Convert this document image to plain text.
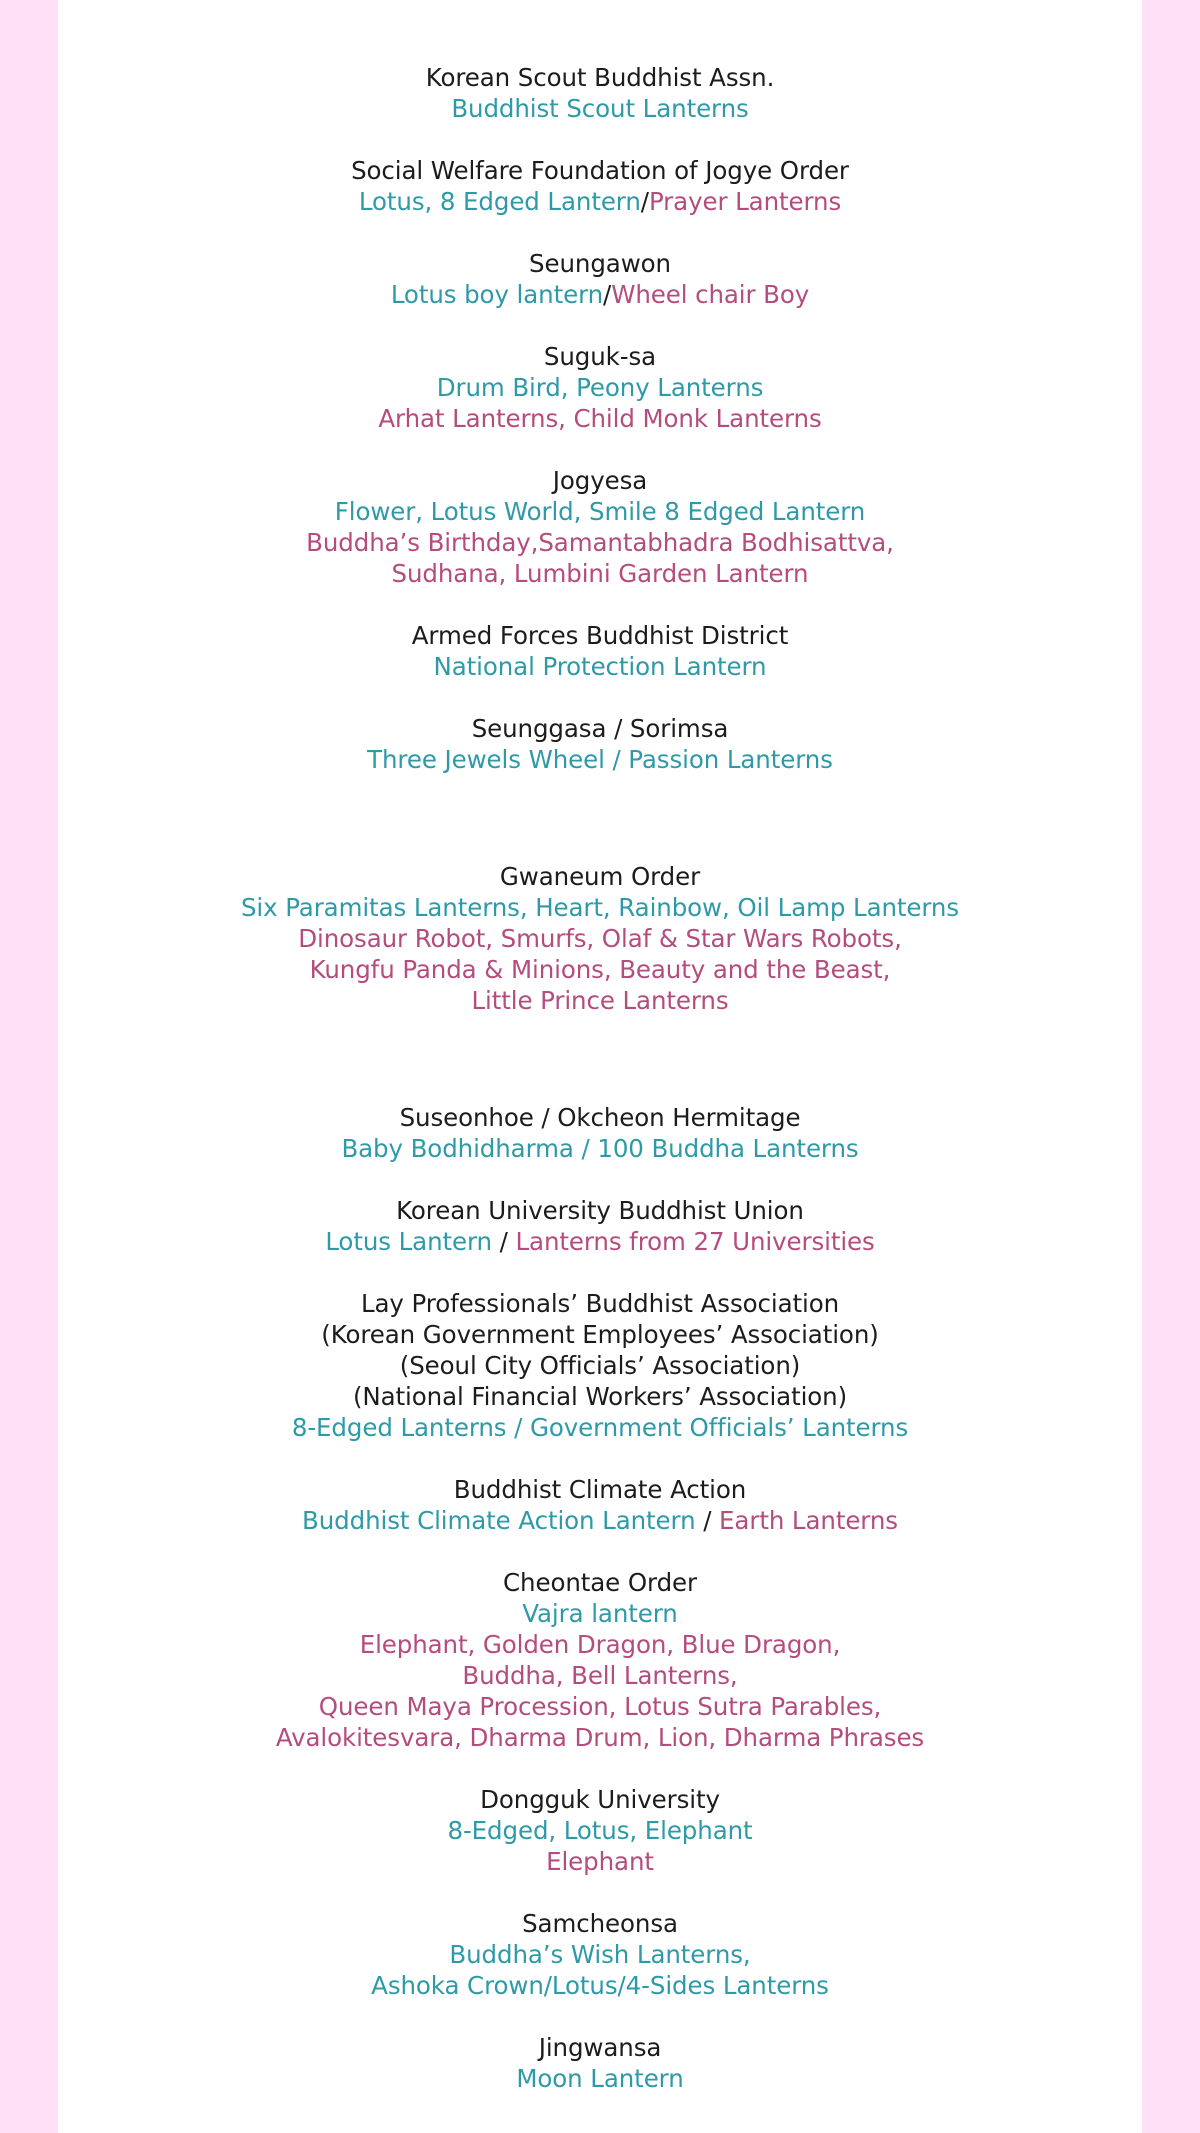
Korean Scout Buddhist Assn.
Buddhist Scout Lanterns
Social Welfare Foundation of Jogye Order
Lotus, 8 Edged Lantern/Prayer Lanterns
Seungawon
Lotus boy lantern/Wheel chair Boy
Suguk-sa
Drum Bird, Peony Lanterns
Arhat Lanterns, Child Monk Lanterns
Jogyesa
Flower, Lotus World, Smile 8 Edged Lantern
Buddha’s Birthday,Samantabhadra Bodhisattva,
Sudhana, Lumbini Garden Lantern
Armed Forces Buddhist District
National Protection Lantern
Seunggasa / Sorimsa
Three Jewels Wheel / Passion Lanterns
Gwaneum Order
Six Paramitas Lanterns, Heart, Rainbow, Oil Lamp Lanterns
Dinosaur Robot, Smurfs, Olaf & Star Wars Robots,
Kungfu Panda & Minions, Beauty and the Beast,
Little Prince Lanterns
Suseonhoe / Okcheon Hermitage
Baby Bodhidharma / 100 Buddha Lanterns
Korean University Buddhist Union
Lotus Lantern / Lanterns from 27 Universities
Lay Professionals’ Buddhist Association
(Korean Government Employees’ Association)
(Seoul City Officials’ Association)
(National Financial Workers’ Association)
8-Edged Lanterns / Government Officials’ Lanterns
Buddhist Climate Action
Buddhist Climate Action Lantern / Earth Lanterns
Cheontae Order
Vajra lantern
Elephant, Golden Dragon, Blue Dragon,
Buddha, Bell Lanterns,
Queen Maya Procession, Lotus Sutra Parables,
Avalokitesvara, Dharma Drum, Lion, Dharma Phrases
Dongguk University
8-Edged, Lotus, Elephant
Elephant
Samcheonsa
Buddha’s Wish Lanterns,
Ashoka Crown/Lotus/4-Sides Lanterns
Jingwansa
Moon Lantern
